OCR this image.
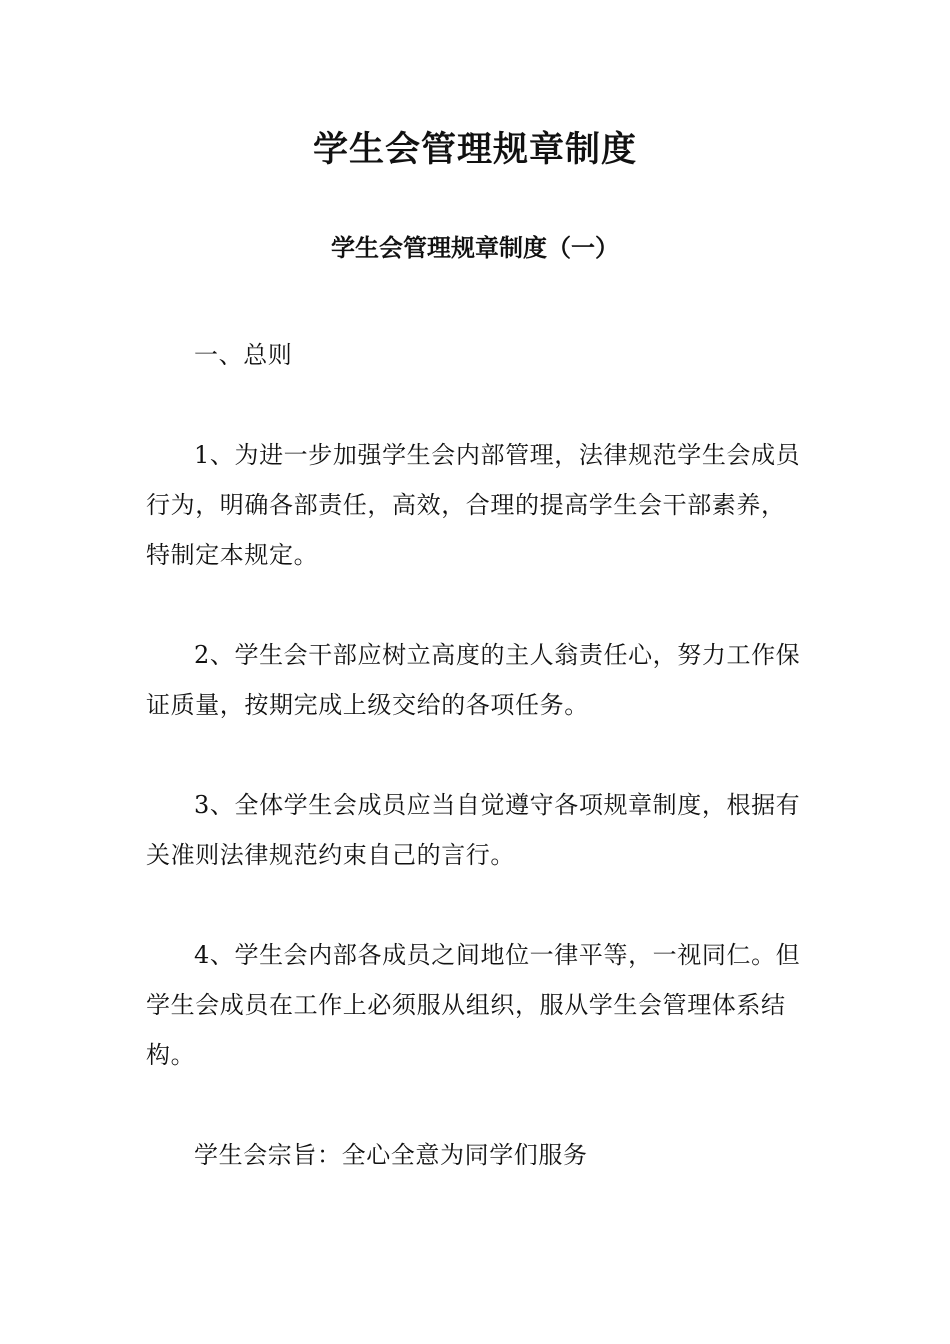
学生会管理规章制度
学生会管理规章制度（一）

一、总则

1、为进一步加强学生会内部管理，法律规范学生会成员行为，明确各部责任，高效，合理的提高学生会干部素养，特制定本规定。

2、学生会干部应树立高度的主人翁责任心，努力工作保证质量，按期完成上级交给的各项任务。

3、全体学生会成员应当自觉遵守各项规章制度，根据有关准则法律规范约束自己的言行。

4、学生会内部各成员之间地位一律平等，一视同仁。但学生会成员在工作上必须服从组织，服从学生会管理体系结构。

学生会宗旨：全心全意为同学们服务
